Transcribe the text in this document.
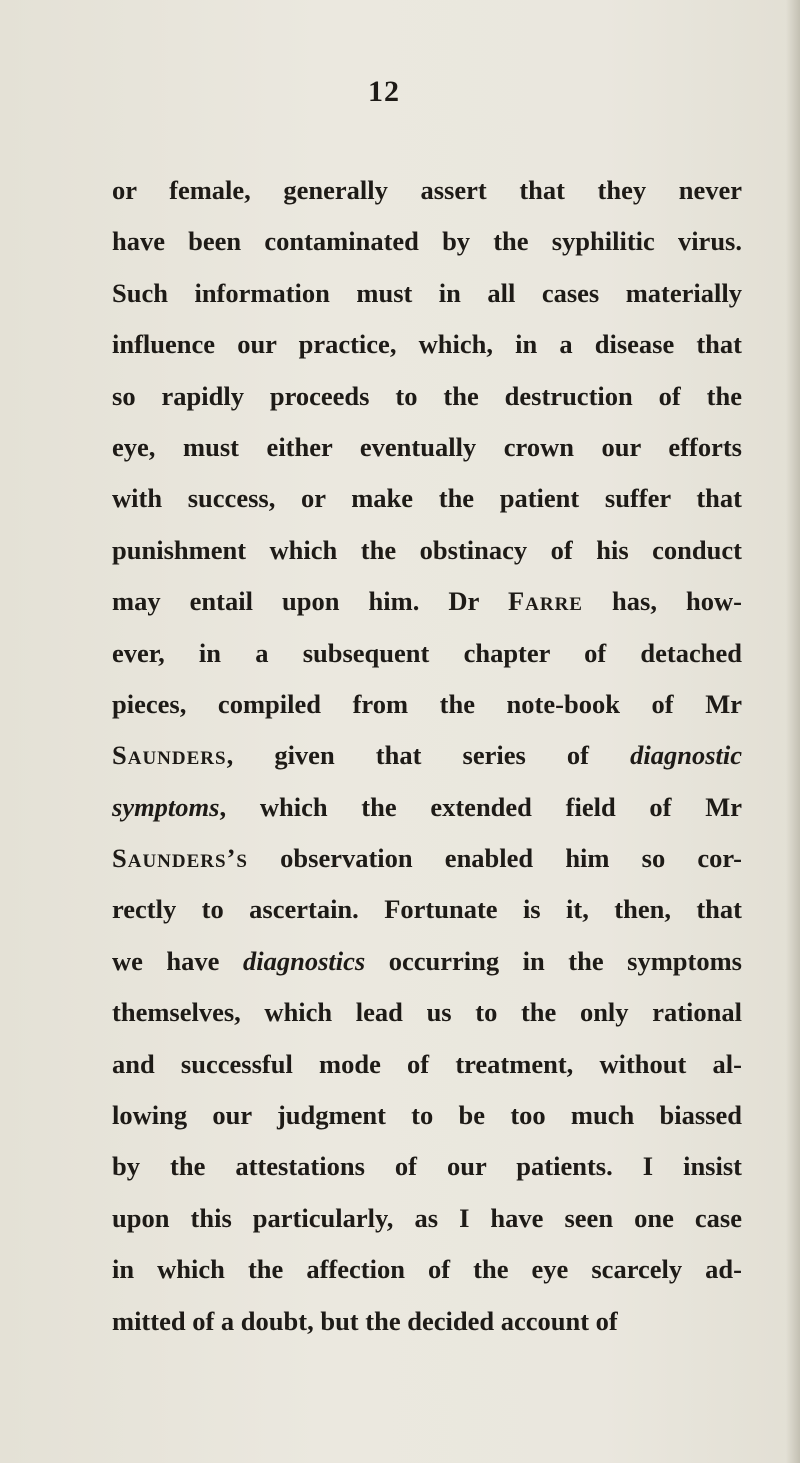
12
or female, generally assert that they never
have been contaminated by the syphilitic virus.
Such information must in all cases materially
influence our practice, which, in a disease that
so rapidly proceeds to the destruction of the
eye, must either eventually crown our efforts
with success, or make the patient suffer that
punishment which the obstinacy of his conduct
may entail upon him. Dr Farre has, how-
ever, in a subsequent chapter of detached
pieces, compiled from the note-book of Mr
Saunders, given that series of diagnostic
symptoms, which the extended field of Mr
Saunders’s observation enabled him so cor-
rectly to ascertain. Fortunate is it, then, that
we have diagnostics occurring in the symptoms
themselves, which lead us to the only rational
and successful mode of treatment, without al-
lowing our judgment to be too much biassed
by the attestations of our patients. I insist
upon this particularly, as I have seen one case
in which the affection of the eye scarcely ad-
mitted of a doubt, but the decided account of
